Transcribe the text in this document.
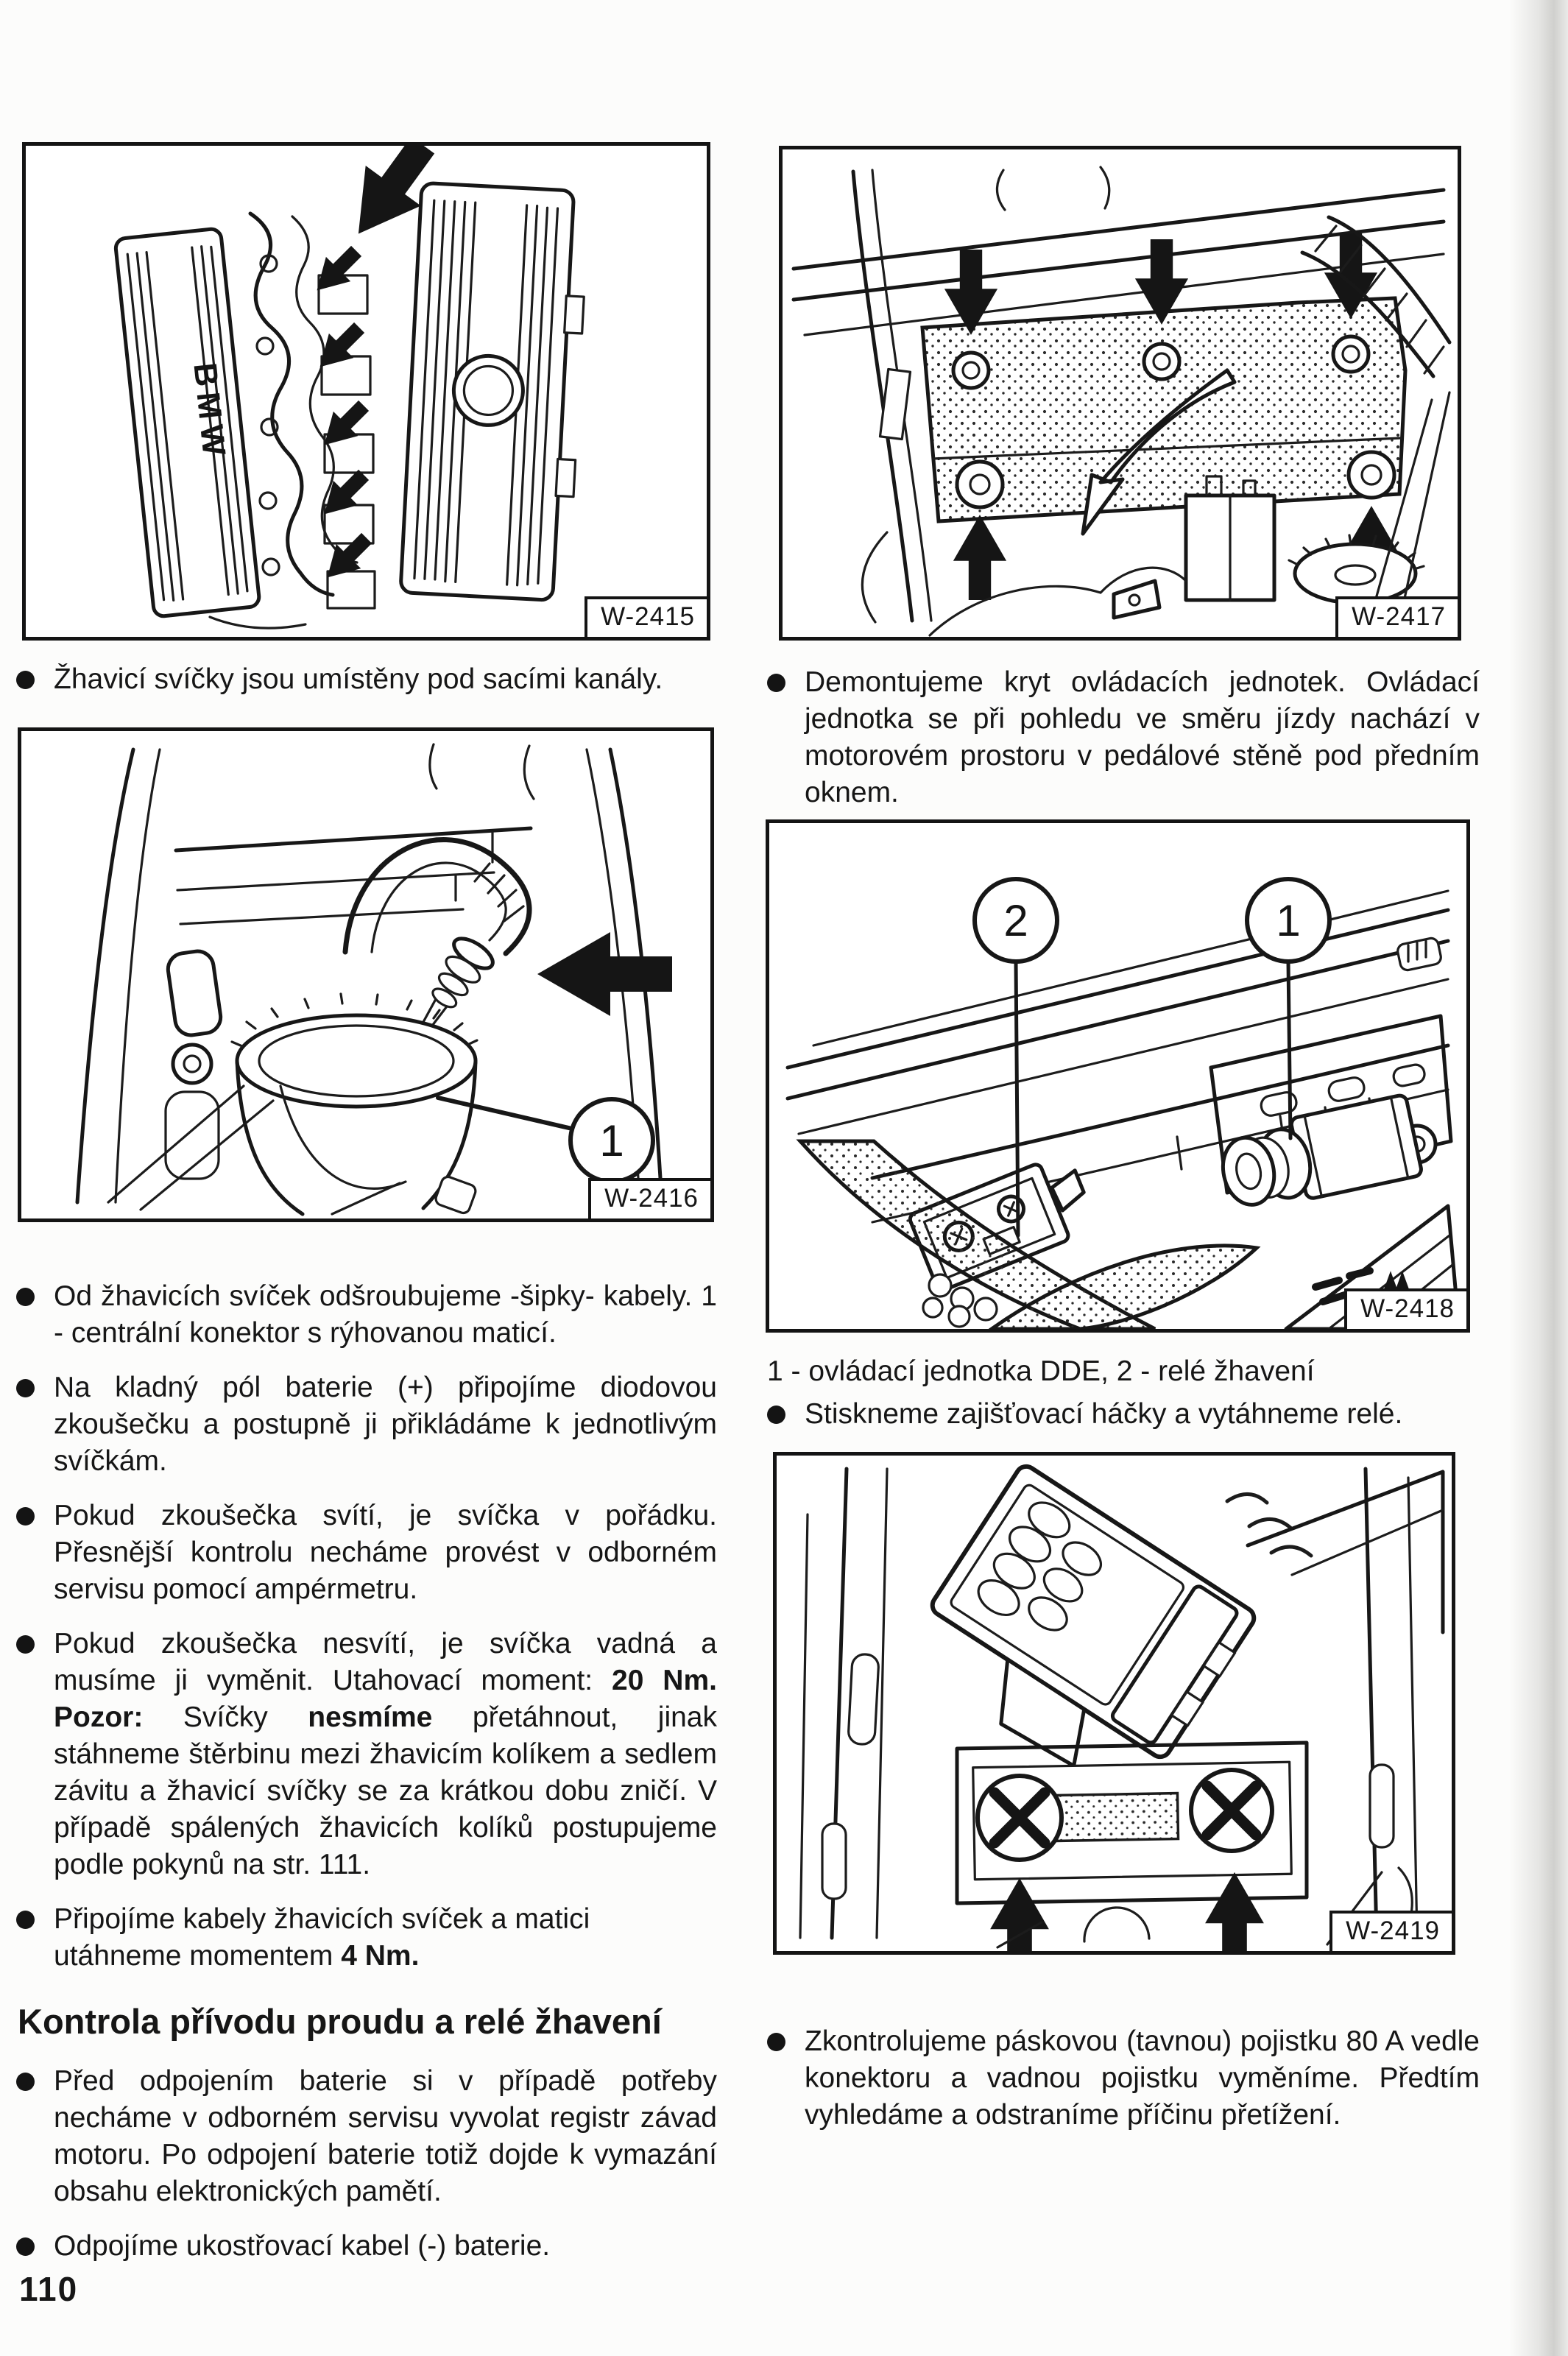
BMW
W-2415	W-2417

Žhavicí svíčky jsou umístěny pod sacími kanály.	Demontujeme kryt ovládacích jednotek. Ovládací jednotka se při pohledu ve směru jízdy nachází v motorovém prostoru v pedálové stěně pod předním oknem.

1
W-2416
2	1
W-2418
1 - ovládací jednotka DDE, 2 - relé žhavení

Stiskneme zajišťovací háčky a vytáhneme relé.

W-2419

Zkontrolujeme páskovou (tavnou) pojistku 80 A vedle konektoru a vadnou pojistku vyměníme. Předtím vyhledáme a odstraníme příčinu přetížení.

Od žhavicích svíček odšroubujeme -šipky- kabely. 1 - centrální konektor s rýhovanou maticí.

Na kladný pól baterie (+) připojíme diodovou zkoušečku a postupně ji přikládáme k jednotlivým svíčkám.

Pokud zkoušečka svítí, je svíčka v pořádku. Přesnější kontrolu necháme provést v odborném servisu pomocí ampérmetru.

Pokud zkoušečka nesvítí, je svíčka vadná a musíme ji vyměnit. Utahovací moment: 20 Nm. Pozor: Svíčky nesmíme přetáhnout, jinak stáhneme štěrbinu mezi žhavicím kolíkem a sedlem závitu a žhavicí svíčky se za krátkou dobu zničí. V případě spálených žhavicích kolíků postupujeme podle pokynů na str. 111.

Připojíme kabely žhavicích svíček a matici utáhneme momentem 4 Nm.

Kontrola přívodu proudu a relé žhavení

Před odpojením baterie si v případě potřeby necháme v odborném servisu vyvolat registr závad motoru. Po odpojení baterie totiž dojde k vymazání obsahu elektronických pamětí.

Odpojíme ukostřovací kabel (-) baterie.

110
